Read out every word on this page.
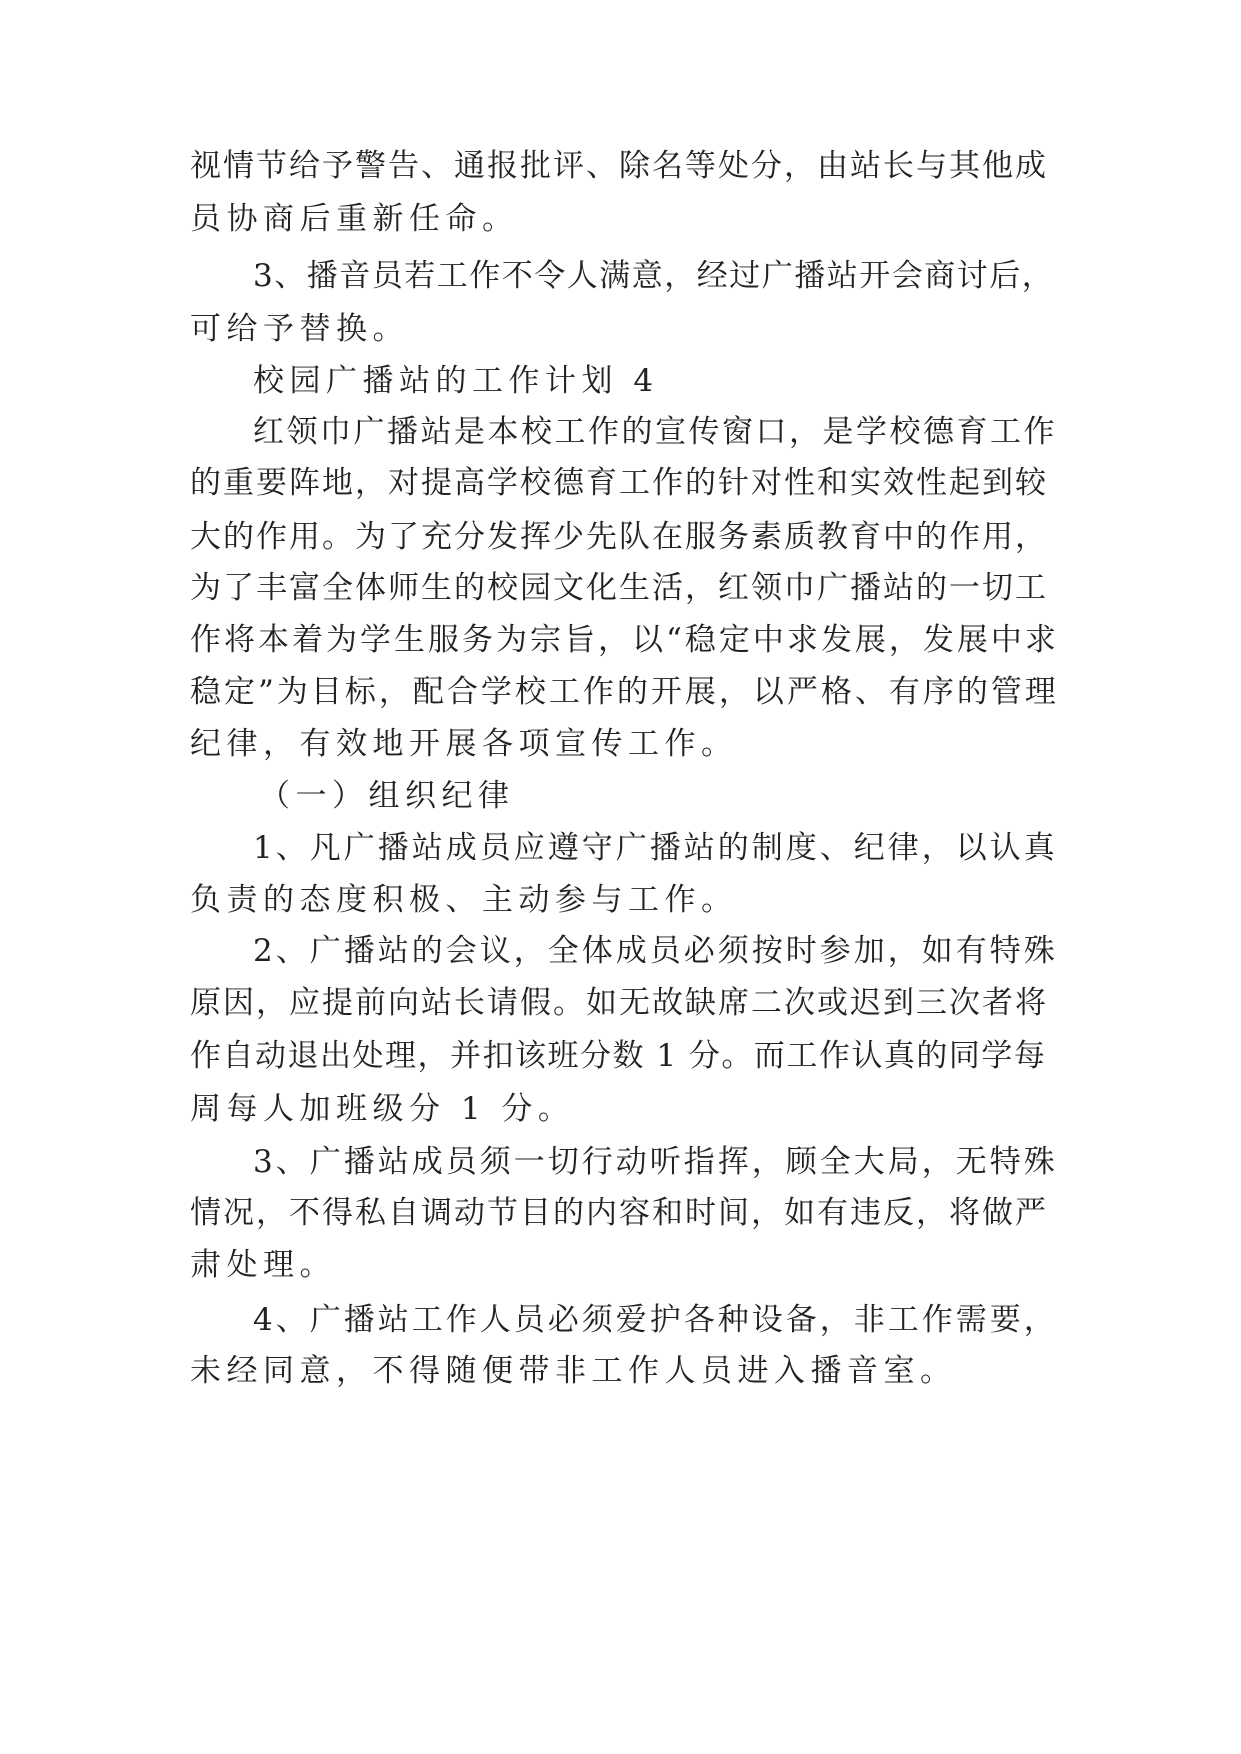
视情节给予警告、通报批评、除名等处分，由站长与其他成

员协商后重新任命。

3、播音员若工作不令人满意，经过广播站开会商讨后，

可给予替换。

校园广播站的工作计划 4

红领巾广播站是本校工作的宣传窗口，是学校德育工作

的重要阵地，对提高学校德育工作的针对性和实效性起到较

大的作用。为了充分发挥少先队在服务素质教育中的作用，

为了丰富全体师生的校园文化生活，红领巾广播站的一切工

作将本着为学生服务为宗旨，以“稳定中求发展，发展中求

稳定”为目标，配合学校工作的开展，以严格、有序的管理

纪律，有效地开展各项宣传工作。

（一）组织纪律

1、凡广播站成员应遵守广播站的制度、纪律，以认真

负责的态度积极、主动参与工作。

2、广播站的会议，全体成员必须按时参加，如有特殊

原因，应提前向站长请假。如无故缺席二次或迟到三次者将

作自动退出处理，并扣该班分数 1 分。而工作认真的同学每

周每人加班级分 1 分。

3、广播站成员须一切行动听指挥，顾全大局，无特殊

情况，不得私自调动节目的内容和时间，如有违反，将做严

肃处理。

4、广播站工作人员必须爱护各种设备，非工作需要，

未经同意，不得随便带非工作人员进入播音室。
